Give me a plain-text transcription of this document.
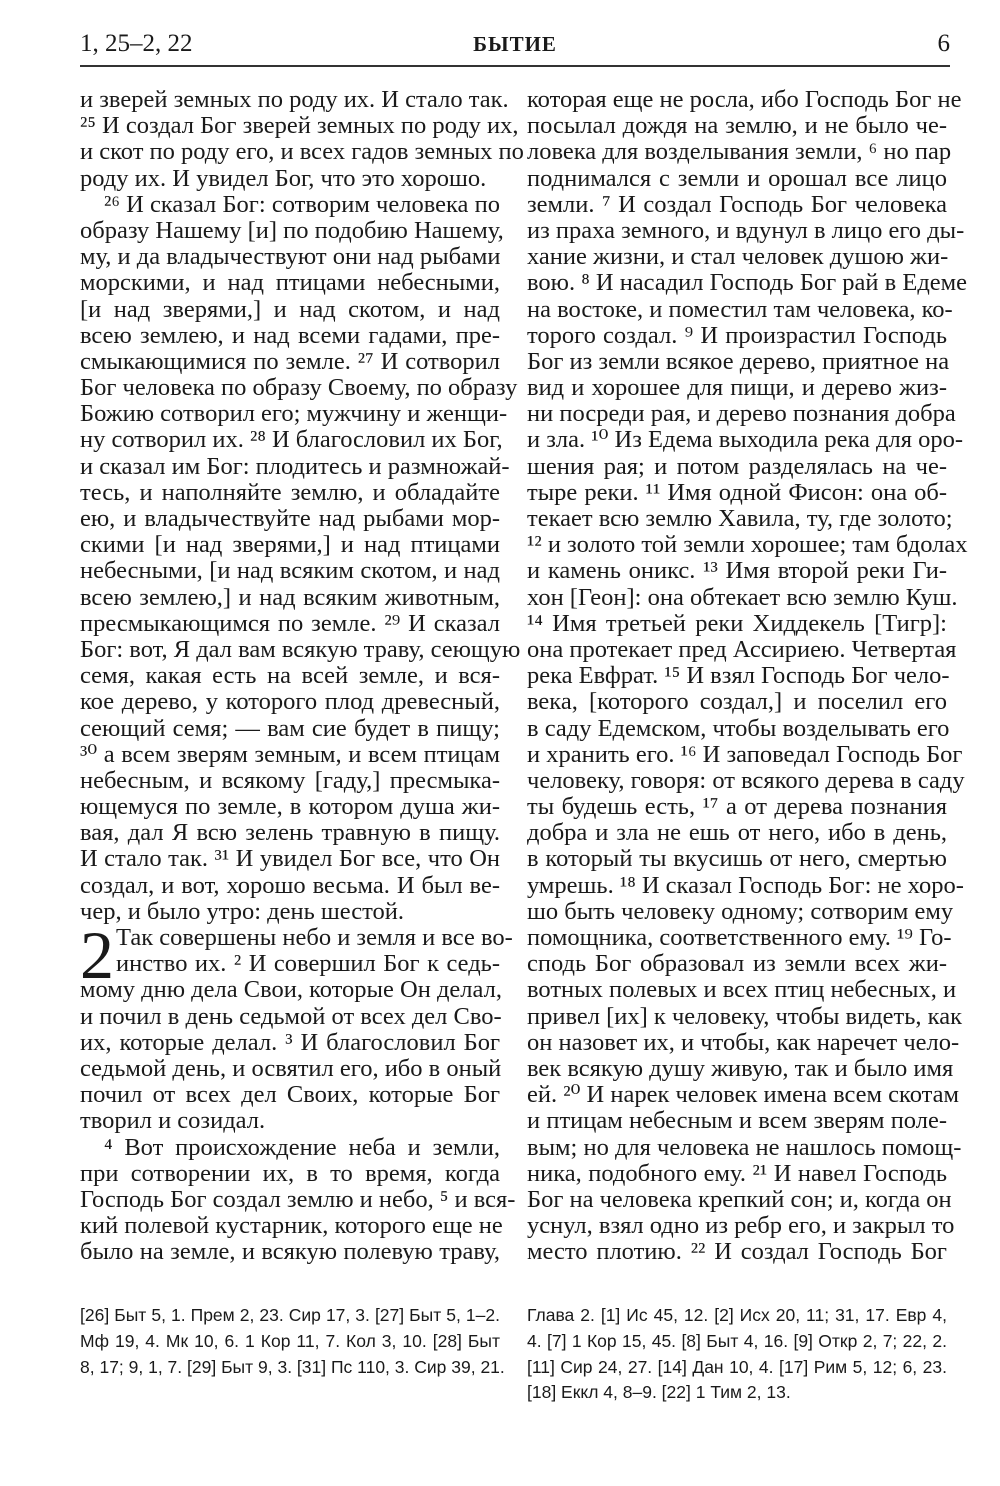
1, 25–2, 22	БЫТИЕ	6
и зверей земных по роду их. И стало так.
²⁵ И создал Бог зверей земных по роду их,
и скот по роду его, и всех гадов земных по
роду их. И увидел Бог, что это хорошо.
²⁶ И сказал Бог: сотворим человека по
образу Нашему [и] по подобию Нашему,
му, и да владычествуют они над рыбами
морскими, и над птицами небесными,
[и над зверями,] и над скотом, и над
всею землею, и над всеми гадами, пре-
смыкающимися по земле. ²⁷ И сотворил
Бог человека по образу Своему, по образу
Божию сотворил его; мужчину и женщи-
ну сотворил их. ²⁸ И благословил их Бог,
и сказал им Бог: плодитесь и размножай-
тесь, и наполняйте землю, и обладайте
ею, и владычествуйте над рыбами мор-
скими [и над зверями,] и над птицами
небесными, [и над всяким скотом, и над
всею землею,] и над всяким животным,
пресмыкающимся по земле. ²⁹ И сказал
Бог: вот, Я дал вам всякую траву, сеющую
семя, какая есть на всей земле, и вся-
кое дерево, у которого плод древесный,
сеющий семя; — вам сие будет в пищу;
³⁰ а всем зверям земным, и всем птицам
небесным, и всякому [гаду,] пресмыка-
ющемуся по земле, в котором душа жи-
вая, дал Я всю зелень травную в пищу.
И стало так. ³¹ И увидел Бог все, что Он
создал, и вот, хорошо весьма. И был ве-
чер, и было утро: день шестой.
2 Так совершены небо и земля и все во-
инство их. ² И совершил Бог к седь-
мому дню дела Свои, которые Он делал,
и почил в день седьмой от всех дел Сво-
их, которые делал. ³ И благословил Бог
седьмой день, и освятил его, ибо в оный
почил от всех дел Своих, которые Бог
творил и созидал.
⁴ Вот происхождение неба и земли,
при сотворении их, в то время, когда
Господь Бог создал землю и небо, ⁵ и вся-
кий полевой кустарник, которого еще не
было на земле, и всякую полевую траву,
которая еще не росла, ибо Господь Бог не
посылал дождя на землю, и не было че-
ловека для возделывания земли, ⁶ но пар
поднимался с земли и орошал все лицо
земли. ⁷ И создал Господь Бог человека
из праха земного, и вдунул в лицо его ды-
хание жизни, и стал человек душою жи-
вою. ⁸ И насадил Господь Бог рай в Едеме
на востоке, и поместил там человека, ко-
торого создал. ⁹ И произрастил Господь
Бог из земли всякое дерево, приятное на
вид и хорошее для пищи, и дерево жиз-
ни посреди рая, и дерево познания добра
и зла. ¹⁰ Из Едема выходила река для оро-
шения рая; и потом разделялась на че-
тыре реки. ¹¹ Имя одной Фисон: она об-
текает всю землю Хавила, ту, где золото;
¹² и золото той земли хорошее; там бдолах
и камень оникс. ¹³ Имя второй реки Ги-
хон [Геон]: она обтекает всю землю Куш.
¹⁴ Имя третьей реки Хиддекель [Тигр]:
она протекает пред Ассириею. Четвертая
река Евфрат. ¹⁵ И взял Господь Бог чело-
века, [которого создал,] и поселил его
в саду Едемском, чтобы возделывать его
и хранить его. ¹⁶ И заповедал Господь Бог
человеку, говоря: от всякого дерева в саду
ты будешь есть, ¹⁷ а от дерева познания
добра и зла не ешь от него, ибо в день,
в который ты вкусишь от него, смертью
умрешь. ¹⁸ И сказал Господь Бог: не хоро-
шо быть человеку одному; сотворим ему
помощника, соответственного ему. ¹⁹ Го-
сподь Бог образовал из земли всех жи-
вотных полевых и всех птиц небесных, и
привел [их] к человеку, чтобы видеть, как
он назовет их, и чтобы, как наречет чело-
век всякую душу живую, так и было имя
ей. ²⁰ И нарек человек имена всем скотам
и птицам небесным и всем зверям поле-
вым; но для человека не нашлось помощ-
ника, подобного ему. ²¹ И навел Господь
Бог на человека крепкий сон; и, когда он
уснул, взял одно из ребр его, и закрыл то
место плотию. ²² И создал Господь Бог
[26] Быт 5, 1. Прем 2, 23. Сир 17, 3. [27] Быт 5, 1–2.
Мф 19, 4. Мк 10, 6. 1 Кор 11, 7. Кол 3, 10. [28] Быт
8, 17; 9, 1, 7. [29] Быт 9, 3. [31] Пс 110, 3. Сир 39, 21.
Глава 2. [1] Ис 45, 12. [2] Исх 20, 11; 31, 17. Евр 4,
4. [7] 1 Кор 15, 45. [8] Быт 4, 16. [9] Откр 2, 7; 22, 2.
[11] Сир 24, 27. [14] Дан 10, 4. [17] Рим 5, 12; 6, 23.
[18] Еккл 4, 8–9. [22] 1 Тим 2, 13.
